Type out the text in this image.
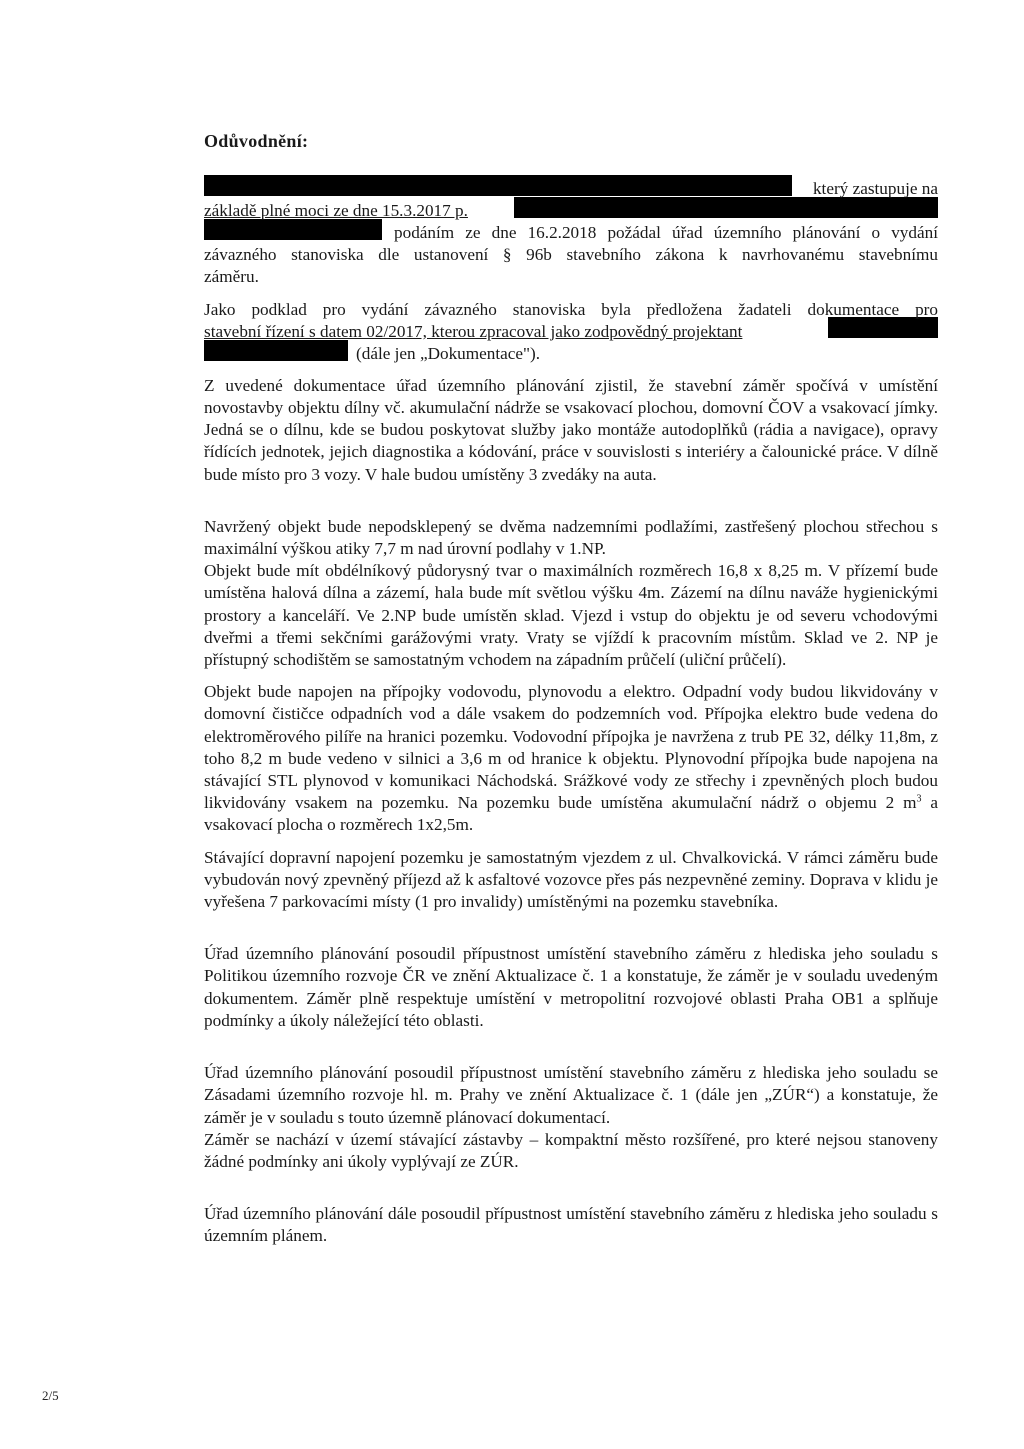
Odůvodnění:
který zastupuje na
základě plné moci ze dne 15.3.2017 p.
podáním ze dne 16.2.2018 požádal úřad územního plánování o vydání
závazného stanoviska dle ustanovení § 96b stavebního zákona k navrhovanému stavebnímu
záměru.
Jako podklad pro vydání závazného stanoviska byla předložena žadateli dokumentace pro
stavební řízení s datem 02/2017, kterou zpracoval jako zodpovědný projektant
(dále jen „Dokumentace").

Z uvedené dokumentace úřad územního plánování zjistil, že stavební záměr spočívá v umístění novostavby objektu dílny vč. akumulační nádrže se vsakovací plochou, domovní ČOV a vsakovací jímky. Jedná se o dílnu, kde se budou poskytovat služby jako montáže autodoplňků (rádia a navigace), opravy řídících jednotek, jejich diagnostika a kódování, práce v souvislosti s interiéry a čalounické práce. V dílně bude místo pro 3 vozy. V hale budou umístěny 3 zvedáky na auta.

Navržený objekt bude nepodsklepený se dvěma nadzemními podlažími, zastřešený plochou střechou s maximální výškou atiky 7,7 m nad úrovní podlahy v 1.NP.

Objekt bude mít obdélníkový půdorysný tvar o maximálních rozměrech 16,8 x 8,25 m. V přízemí bude umístěna halová dílna a zázemí, hala bude mít světlou výšku 4m. Zázemí na dílnu naváže hygienickými prostory a kanceláří. Ve 2.NP bude umístěn sklad. Vjezd i vstup do objektu je od severu vchodovými dveřmi a třemi sekčními garážovými vraty. Vraty se vjíždí k pracovním místům. Sklad ve 2. NP je přístupný schodištěm se samostatným vchodem na západním průčelí (uliční průčelí).

Objekt bude napojen na přípojky vodovodu, plynovodu a elektro. Odpadní vody budou likvidovány v domovní čističce odpadních vod a dále vsakem do podzemních vod. Přípojka elektro bude vedena do elektroměrového pilíře na hranici pozemku. Vodovodní přípojka je navržena z trub PE 32, délky 11,8m, z toho 8,2 m bude vedeno v silnici a 3,6 m od hranice k objektu. Plynovodní přípojka bude napojena na stávající STL plynovod v komunikaci Náchodská. Srážkové vody ze střechy i zpevněných ploch budou likvidovány vsakem na pozemku. Na pozemku bude umístěna akumulační nádrž o objemu 2 $m^3$ a vsakovací plocha o rozměrech 1x2,5m.

Stávající dopravní napojení pozemku je samostatným vjezdem z ul. Chvalkovická. V rámci záměru bude vybudován nový zpevněný příjezd až k asfaltové vozovce přes pás nezpevněné zeminy. Doprava v klidu je vyřešena 7 parkovacími místy (1 pro invalidy) umístěnými na pozemku stavebníka.

Úřad územního plánování posoudil přípustnost umístění stavebního záměru z hlediska jeho souladu s Politikou územního rozvoje ČR ve znění Aktualizace č. 1 a konstatuje, že záměr je v souladu uvedeným dokumentem. Záměr plně respektuje umístění v metropolitní rozvojové oblasti Praha OB1 a splňuje podmínky a úkoly náležející této oblasti.

Úřad územního plánování posoudil přípustnost umístění stavebního záměru z hlediska jeho souladu se Zásadami územního rozvoje hl. m. Prahy ve znění Aktualizace č. 1 (dále jen „ZÚR“) a konstatuje, že záměr je v souladu s touto územně plánovací dokumentací.

Záměr se nachází v území stávající zástavby – kompaktní město rozšířené, pro které nejsou stanoveny žádné podmínky ani úkoly vyplývají ze ZÚR.

Úřad územního plánování dále posoudil přípustnost umístění stavebního záměru z hlediska jeho souladu s územním plánem.

2/5
